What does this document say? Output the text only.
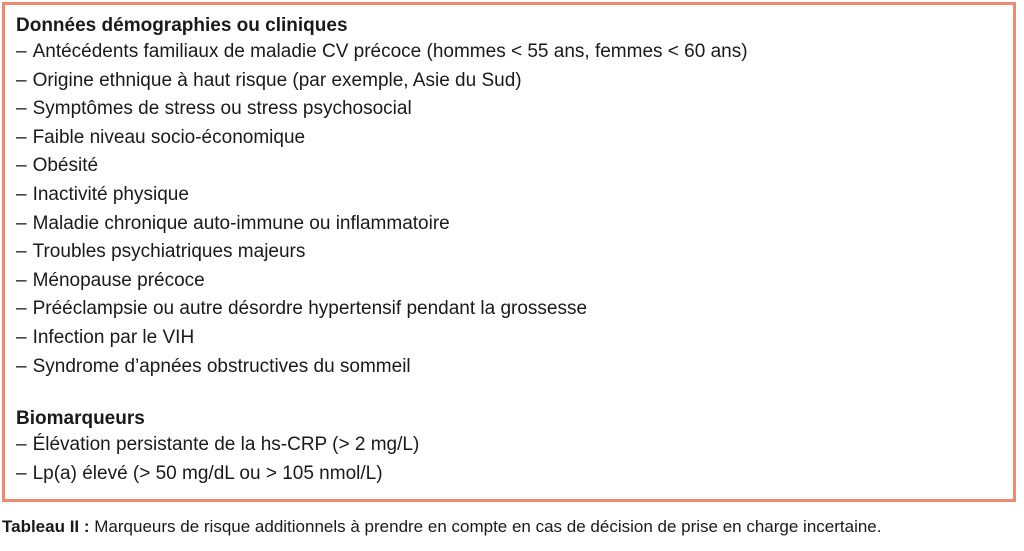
Données démographies ou cliniques
– Antécédents familiaux de maladie CV précoce (hommes < 55 ans, femmes < 60 ans)
– Origine ethnique à haut risque (par exemple, Asie du Sud)
– Symptômes de stress ou stress psychosocial
– Faible niveau socio-économique
– Obésité
– Inactivité physique
– Maladie chronique auto-immune ou inflammatoire
– Troubles psychiatriques majeurs
– Ménopause précoce
– Prééclampsie ou autre désordre hypertensif pendant la grossesse
– Infection par le VIH
– Syndrome d’apnées obstructives du sommeil
Biomarqueurs
– Élévation persistante de la hs-CRP (> 2 mg/L)
– Lp(a) élevé (> 50 mg/dL ou > 105 nmol/L)
Tableau II : Marqueurs de risque additionnels à prendre en compte en cas de décision de prise en charge incertaine.
